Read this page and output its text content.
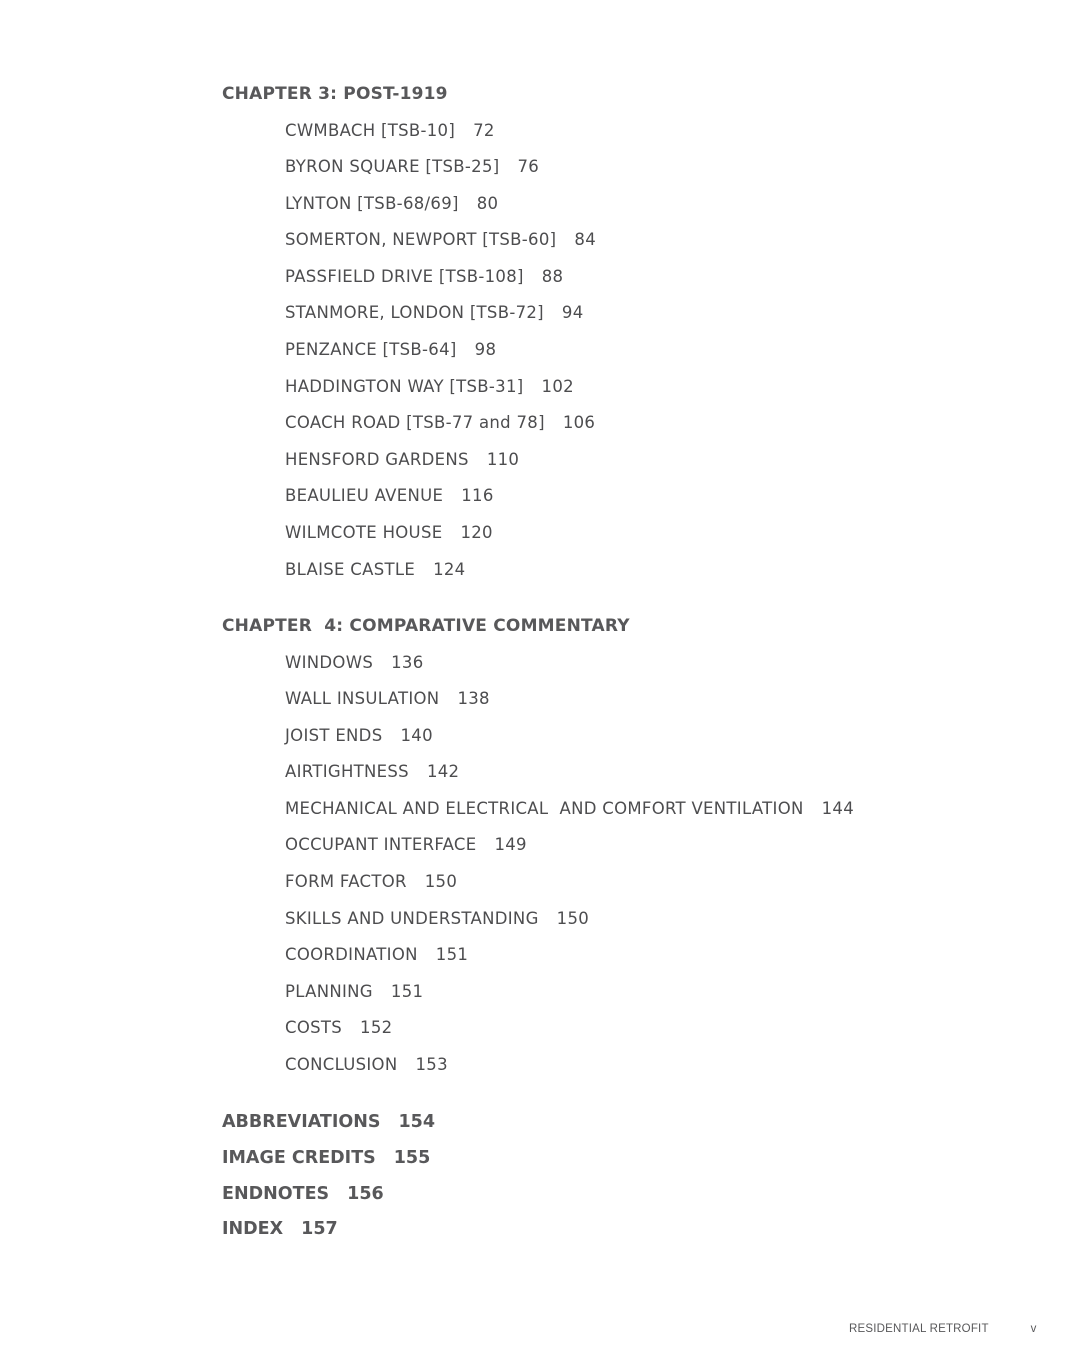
CHAPTER 3: POST-1919
CWMBACH [TSB-10] 72
BYRON SQUARE [TSB-25] 76
LYNTON [TSB-68/69] 80
SOMERTON, NEWPORT [TSB-60] 84
PASSFIELD DRIVE [TSB-108] 88
STANMORE, LONDON [TSB-72] 94
PENZANCE [TSB-64] 98
HADDINGTON WAY [TSB-31] 102
COACH ROAD [TSB-77 and 78] 106
HENSFORD GARDENS 110
BEAULIEU AVENUE 116
WILMCOTE HOUSE 120
BLAISE CASTLE 124
CHAPTER  4: COMPARATIVE COMMENTARY
WINDOWS 136
WALL INSULATION 138
JOIST ENDS 140
AIRTIGHTNESS 142
MECHANICAL AND ELECTRICAL  AND COMFORT VENTILATION 144
OCCUPANT INTERFACE 149
FORM FACTOR 150
SKILLS AND UNDERSTANDING 150
COORDINATION 151
PLANNING 151
COSTS 152
CONCLUSION 153
ABBREVIATIONS 154
IMAGE CREDITS 155
ENDNOTES 156
INDEX 157
RESIDENTIAL RETROFIT	v
